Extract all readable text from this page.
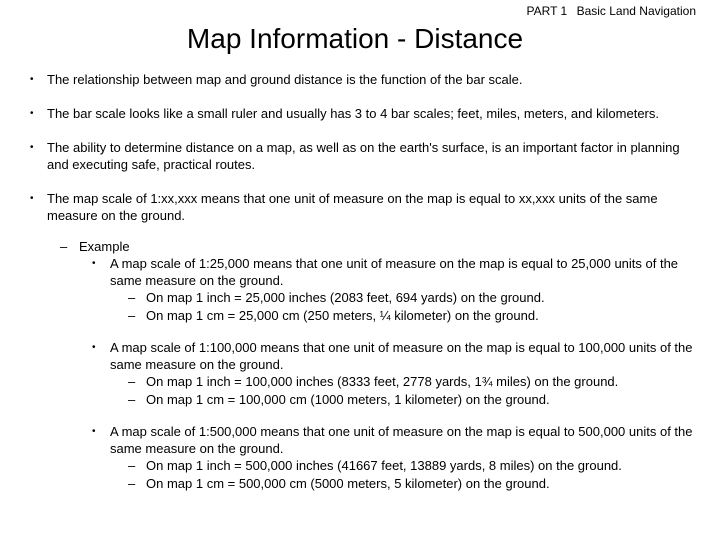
PART 1 Basic Land Navigation
Map Information - Distance
• The relationship between map and ground distance is the function of the bar scale.
• The bar scale looks like a small ruler and usually has 3 to 4 bar scales; feet, miles, meters, and kilometers.
• The ability to determine distance on a map, as well as on the earth's surface, is an important factor in planning and executing safe, practical routes.
• The map scale of 1:xx,xxx means that one unit of measure on the map is equal to xx,xxx units of the same measure on the ground.
– Example
• A map scale of 1:25,000 means that one unit of measure on the map is equal to 25,000 units of the same measure on the ground.
– On map 1 inch = 25,000 inches (2083 feet, 694 yards) on the ground.
– On map 1 cm = 25,000 cm (250 meters, ¼ kilometer) on the ground.
• A map scale of 1:100,000 means that one unit of measure on the map is equal to 100,000 units of the same measure on the ground.
– On map 1 inch = 100,000 inches (8333 feet, 2778 yards, 1¾ miles) on the ground.
– On map 1 cm = 100,000 cm (1000 meters, 1 kilometer) on the ground.
• A map scale of 1:500,000 means that one unit of measure on the map is equal to 500,000 units of the same measure on the ground.
– On map 1 inch = 500,000 inches (41667 feet, 13889 yards, 8 miles) on the ground.
– On map 1 cm = 500,000 cm (5000 meters, 5 kilometer) on the ground.
